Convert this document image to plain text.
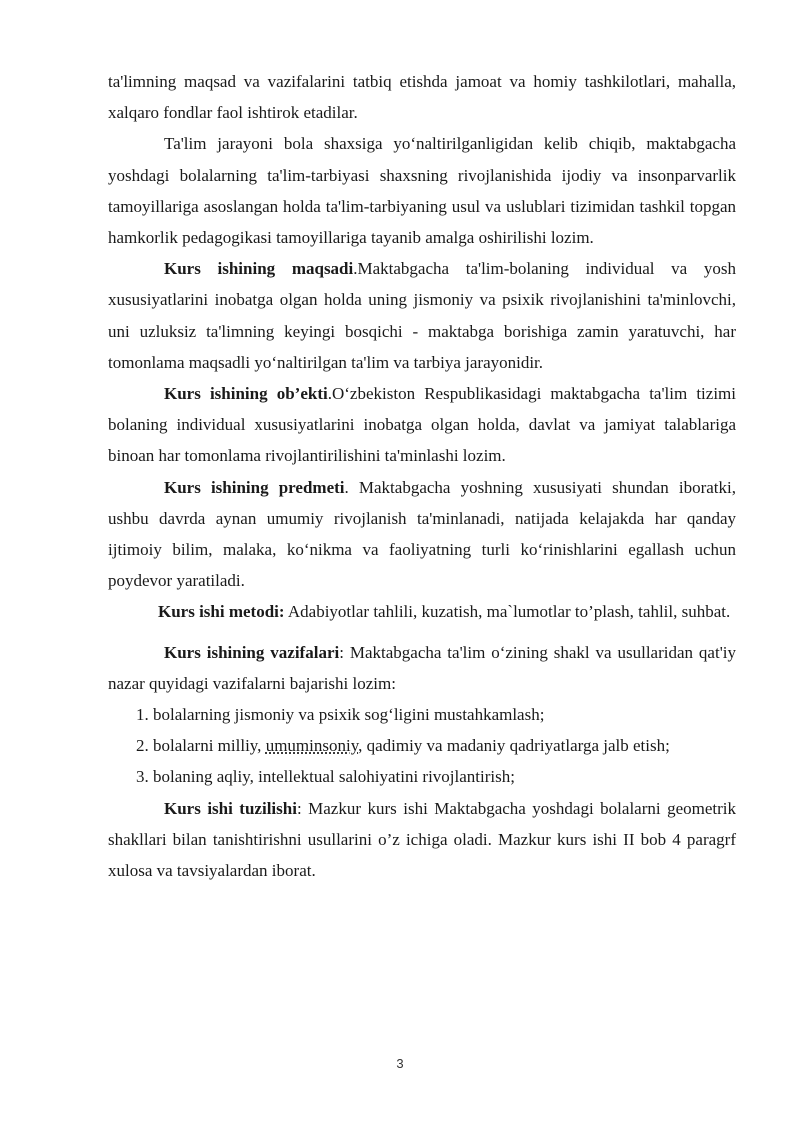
ta'limning maqsad va vazifalarini tatbiq etishda jamoat va homiy tashkilotlari, mahalla, xalqaro fondlar faol ishtirok etadilar.

Ta'lim jarayoni bola shaxsiga yo‘naltirilganligidan kelib chiqib, maktabgacha yoshdagi bolalarning ta'lim-tarbiyasi shaxsning rivojlanishida ijodiy va insonparvarlik tamoyillariga asoslangan holda ta'lim-tarbiyaning usul va uslublari tizimidan tashkil topgan hamkorlik pedagogikasi tamoyillariga tayanib amalga oshirilishi lozim.

Kurs ishining maqsadi.Maktabgacha ta'lim-bolaning individual va yosh xususiyatlarini inobatga olgan holda uning jismoniy va psixik rivojlanishini ta'minlovchi, uni uzluksiz ta'limning keyingi bosqichi - maktabga borishiga zamin yaratuvchi, har tomonlama maqsadli yo‘naltirilgan ta'lim va tarbiya jarayonidir.

Kurs ishining ob’ekti.O‘zbekiston Respublikasidagi maktabgacha ta'lim tizimi bolaning individual xususiyatlarini inobatga olgan holda, davlat va jamiyat talablariga binoan har tomonlama rivojlantirilishini ta'minlashi lozim.

Kurs ishining predmeti. Maktabgacha yoshning xususiyati shundan iboratki, ushbu davrda aynan umumiy rivojlanish ta'minlanadi, natijada kelajakda har qanday ijtimoiy bilim, malaka, ko‘nikma va faoliyatning turli ko‘rinishlarini egallash uchun poydevor yaratiladi.

Kurs ishi metodi: Adabiyotlar tahlili, kuzatish, ma`lumotlar to’plash, tahlil, suhbat.

Kurs ishining vazifalari: Maktabgacha ta'lim o‘zining shakl va usullaridan qat'iy nazar quyidagi vazifalarni bajarishi lozim:

1. bolalarning jismoniy va psixik sog‘ligini mustahkamlash;
2. bolalarni milliy, umuminsoniy, qadimiy va madaniy qadriyatlarga jalb etish;
3. bolaning aqliy, intellektual salohiyatini rivojlantirish;

Kurs ishi tuzilishi: Mazkur kurs ishi Maktabgacha yoshdagi bolalarni geometrik shakllari bilan tanishtirishni usullarini o’z ichiga oladi. Mazkur kurs ishi II bob 4 paragrf xulosa va tavsiyalardan iborat.

3
